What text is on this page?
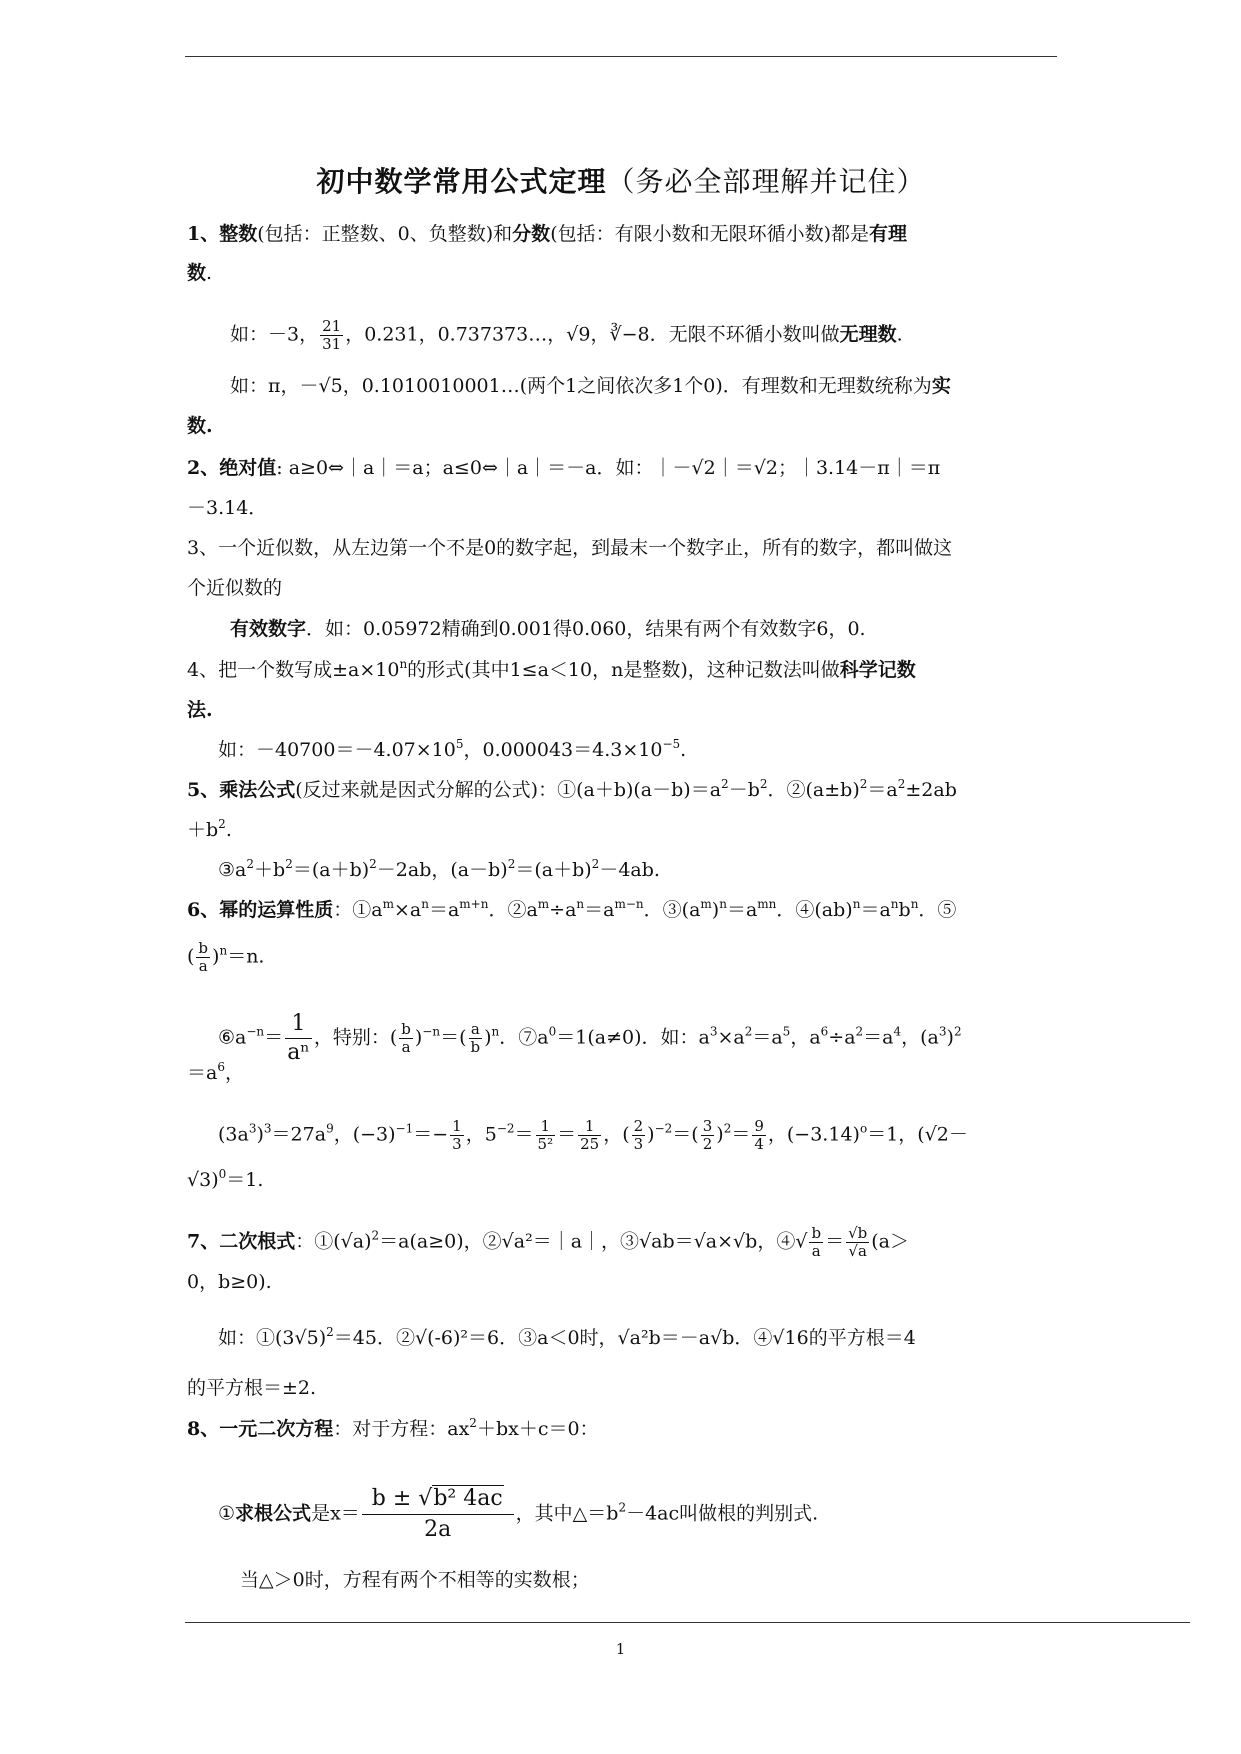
初中数学常用公式定理（务必全部理解并记住）
1、整数(包括：正整数、0、负整数)和分数(包括：有限小数和无限环循小数)都是有理
数.
如：－3， $\frac{21}{31}$ ，0.231，0.737373…，√9，∛−8．无限不环循小数叫做无理数.
如：π，－√5，0.1010010001…(两个1之间依次多1个0)．有理数和无理数统称为实
数.
2、绝对值: a≥0⇔｜a｜＝a；a≤0⇔｜a｜＝－a．如：｜－√2｜＝√2；｜3.14－π｜＝π
－3.14．
3、一个近似数，从左边第一个不是0的数字起，到最末一个数字止，所有的数字，都叫做这
个近似数的
有效数字．如：0.05972精确到0.001得0.060，结果有两个有效数字6，0.
4、把一个数写成$\pm a\times 10^n$的形式(其中1≤a＜10，n是整数)，这种记数法叫做科学记数
法.
如：$-40700=-4.07\times 10^5$，$0.000043=4.3\times 10^{-5}$.
5、乘法公式(反过来就是因式分解的公式)：$①(a+b)(a-b)=a^2-b^2$．$②(a\pm b)^2=a^2\pm 2ab$
$+b^2$.
$③a^2+b^2=(a+b)^2-2ab$，$(a-b)^2=(a+b)^2-4ab$.
6、幂的运算性质：$①a^m\times a^n=a^{m+n}$．$②a^m\div a^n=a^{m-n}$．$③(a^m)^n=a^{mn}$．$④(ab)^n=a^nb^n$．⑤
( $\frac{b}{a} )^n=n$.
$⑥a^{-n}= \frac{1}{\text{aⁿ}}$ ，特别：( $\frac{b}{a} )^{-n}=( \frac{a}{b} )^n$．$⑦a^0=1(a\ne 0)$．如：$a^3\times a^2=a^5$，$a^6\div a^2=a^4$，$(a^3)^2$
$=a^6$，
$(3a^3)^3=27a^9$，$(-3)^{-1}=- \frac{1}{3}$ ，$5^{-2}= \frac{1}{\text{5²}} = \frac{1}{25}$ ，( $\frac{2}{3} )^{-2}=( \frac{3}{2} )^2= \frac{9}{4}$ ，$(-3.14)^o=1$，(√2－
√3)$^0$＝1.
7、二次根式：$①(√a)^2=a(a\ge 0)$，②√a²＝｜a｜，③√ab＝√a×√b，④√ $\frac{b}{a} = \frac{√b}{√a} (a>$
0，b≥0).
如：$①(3√5)^2=45$．②√(-6)²＝6．③a＜0时，√a²b＝－a√b．④√16的平方根＝4
的平方根＝±2.
8、一元二次方程：对于方程：$ax^2+bx+c=0$：
①求根公式是$x= \frac{\text{b ± √b² 4ac}}{2a}$ ，其中$\triangle=b^2-4ac$叫做根的判别式.
当△＞0时，方程有两个不相等的实数根；
1
